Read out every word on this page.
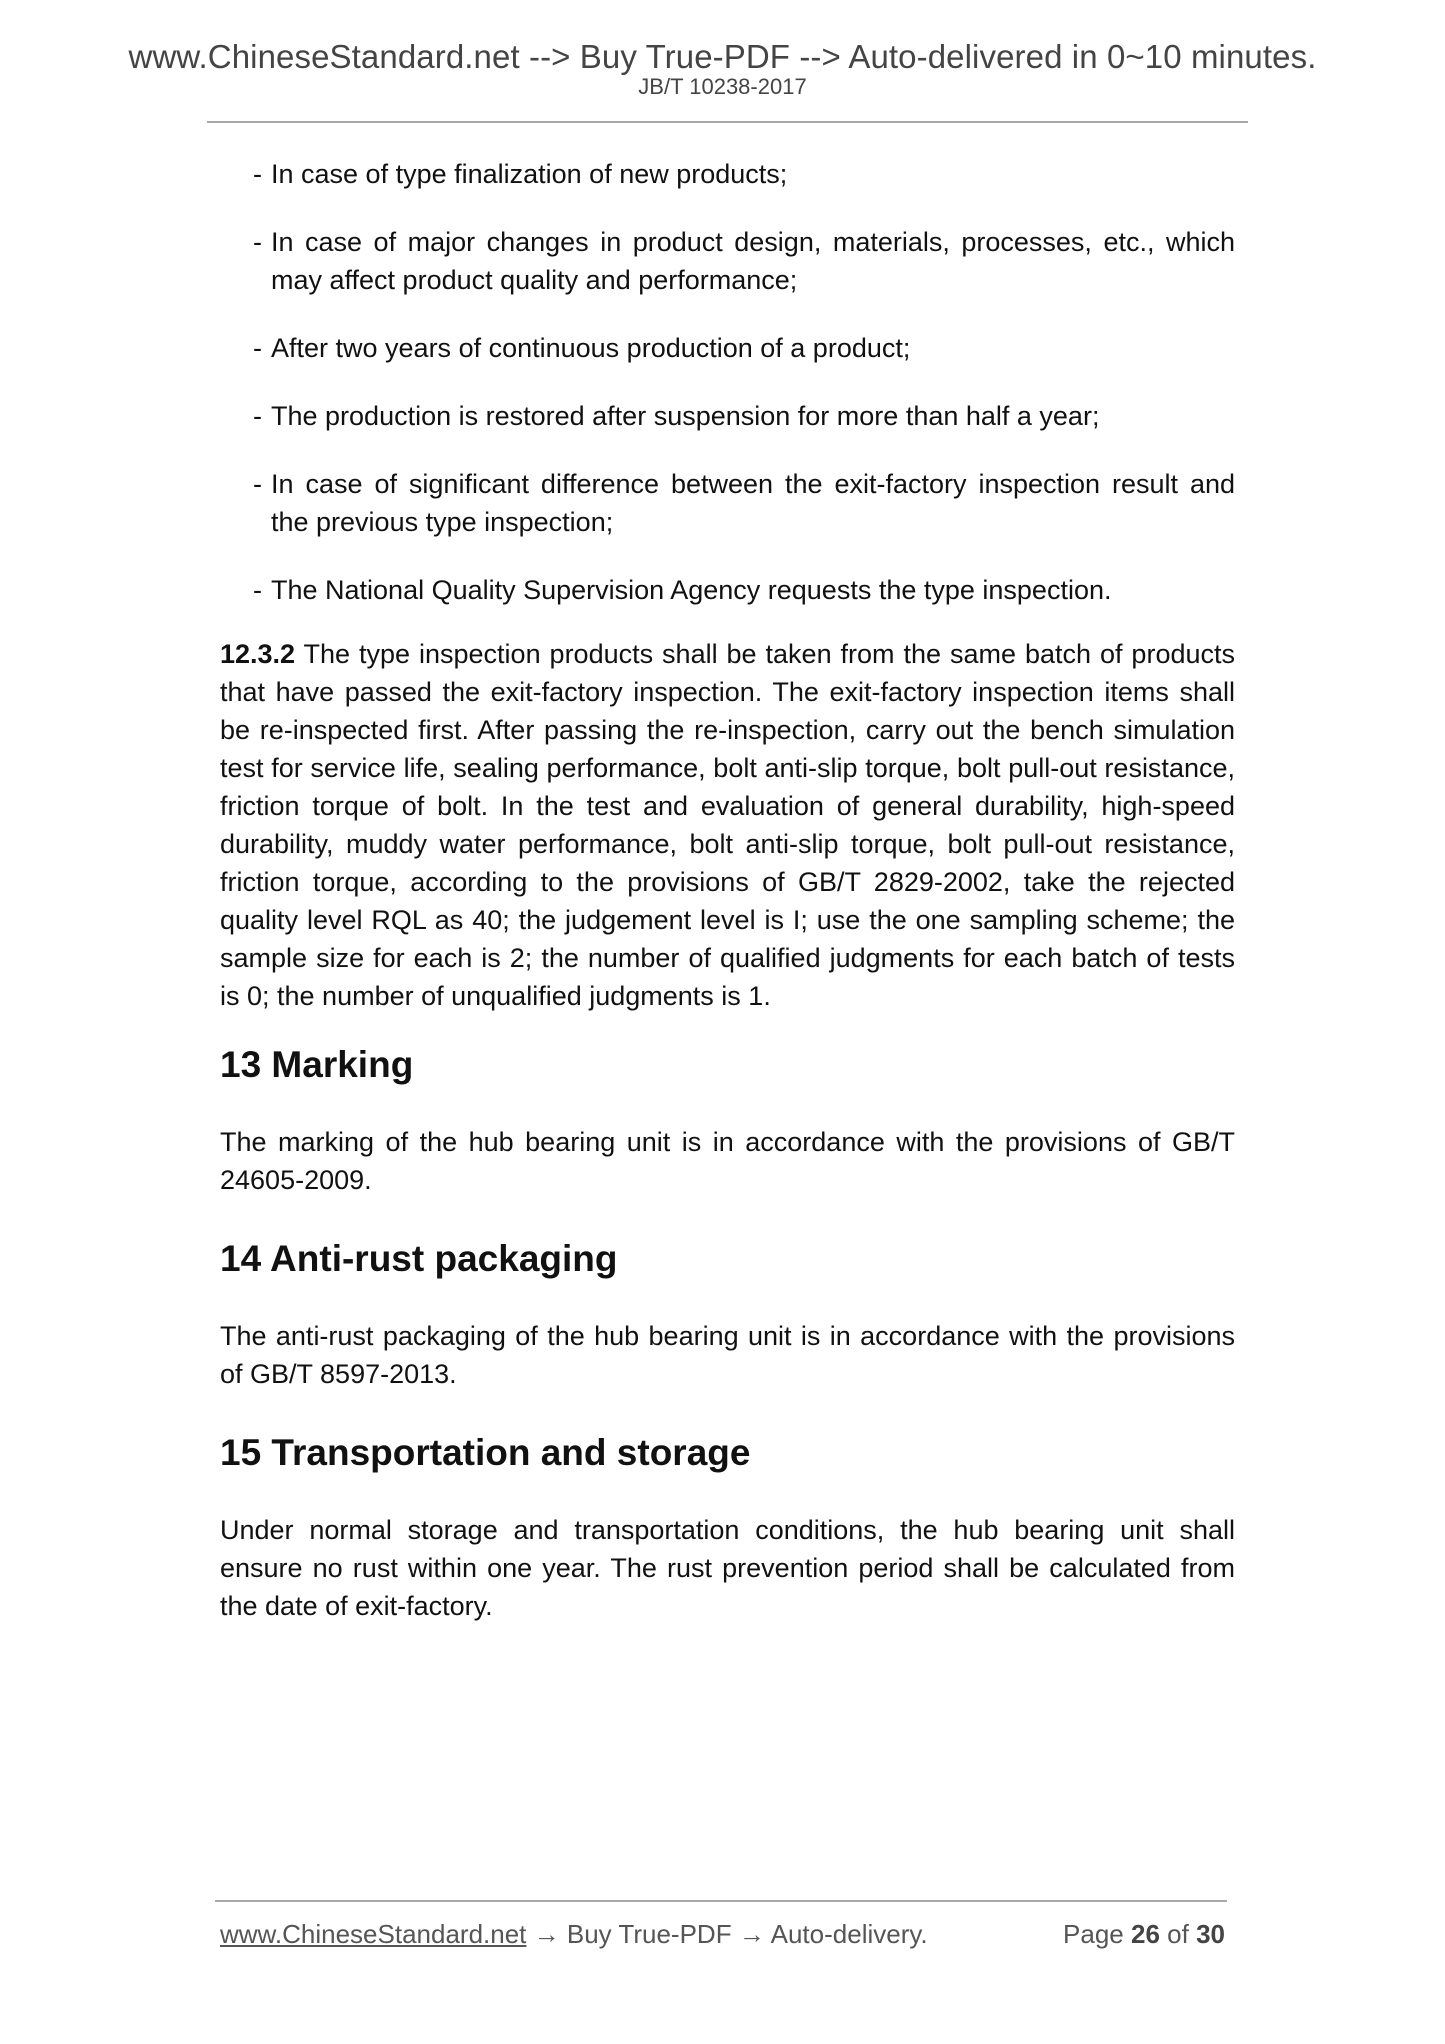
www.ChineseStandard.net --> Buy True-PDF --> Auto-delivered in 0~10 minutes.
JB/T 10238-2017
- In case of type finalization of new products;
- In case of major changes in product design, materials, processes, etc., which may affect product quality and performance;
- After two years of continuous production of a product;
- The production is restored after suspension for more than half a year;
- In case of significant difference between the exit-factory inspection result and the previous type inspection;
- The National Quality Supervision Agency requests the type inspection.

12.3.2 The type inspection products shall be taken from the same batch of products that have passed the exit-factory inspection. The exit-factory inspection items shall be re-inspected first. After passing the re-inspection, carry out the bench simulation test for service life, sealing performance, bolt anti-slip torque, bolt pull-out resistance, friction torque of bolt. In the test and evaluation of general durability, high-speed durability, muddy water performance, bolt anti-slip torque, bolt pull-out resistance, friction torque, according to the provisions of GB/T 2829-2002, take the rejected quality level RQL as 40; the judgement level is I; use the one sampling scheme; the sample size for each is 2; the number of qualified judgments for each batch of tests is 0; the number of unqualified judgments is 1.

13 Marking

The marking of the hub bearing unit is in accordance with the provisions of GB/T 24605-2009.

14 Anti-rust packaging

The anti-rust packaging of the hub bearing unit is in accordance with the provisions of GB/T 8597-2013.

15 Transportation and storage

Under normal storage and transportation conditions, the hub bearing unit shall ensure no rust within one year. The rust prevention period shall be calculated from the date of exit-factory.

www.ChineseStandard.net → Buy True-PDF → Auto-delivery.	Page 26 of 30
